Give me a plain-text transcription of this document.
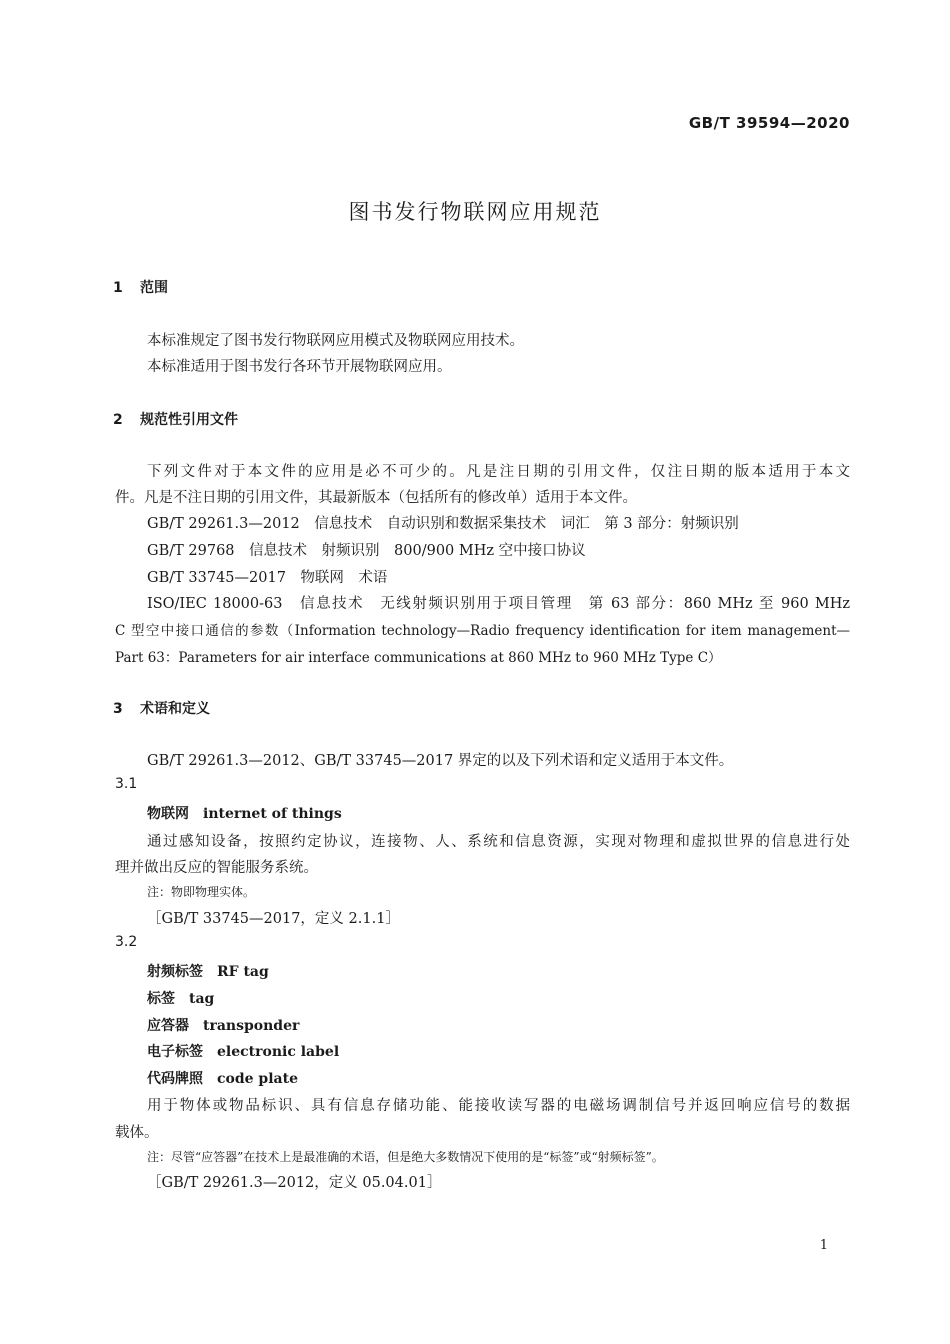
GB/T 39594—2020
图书发行物联网应用规范
1 范围
本标准规定了图书发行物联网应用模式及物联网应用技术。
本标准适用于图书发行各环节开展物联网应用。
2 规范性引用文件
下列文件对于本文件的应用是必不可少的。凡是注日期的引用文件，仅注日期的版本适用于本文
件。凡是不注日期的引用文件，其最新版本（包括所有的修改单）适用于本文件。
GB/T 29261.3—2012　信息技术　自动识别和数据采集技术　词汇　第 3 部分：射频识别
GB/T 29768　信息技术　射频识别　800/900 MHz 空中接口协议
GB/T 33745—2017　物联网　术语
ISO/IEC 18000-63　信息技术　无线射频识别用于项目管理　第 63 部分：860 MHz 至 960 MHz
C 型空中接口通信的参数（Information technology—Radio frequency identification for item management—
Part 63：Parameters for air interface communications at 860 MHz to 960 MHz Type C）
3 术语和定义
GB/T 29261.3—2012、GB/T 33745—2017 界定的以及下列术语和定义适用于本文件。
3.1
物联网 internet of things
通过感知设备，按照约定协议，连接物、人、系统和信息资源，实现对物理和虚拟世界的信息进行处
理并做出反应的智能服务系统。
注：物即物理实体。
［GB/T 33745—2017，定义 2.1.1］
3.2
射频标签 RF tag
标签 tag
应答器 transponder
电子标签 electronic label
代码牌照 code plate
用于物体或物品标识、具有信息存储功能、能接收读写器的电磁场调制信号并返回响应信号的数据
载体。
注：尽管“应答器”在技术上是最准确的术语，但是绝大多数情况下使用的是“标签”或“射频标签”。
［GB/T 29261.3—2012，定义 05.04.01］
1
